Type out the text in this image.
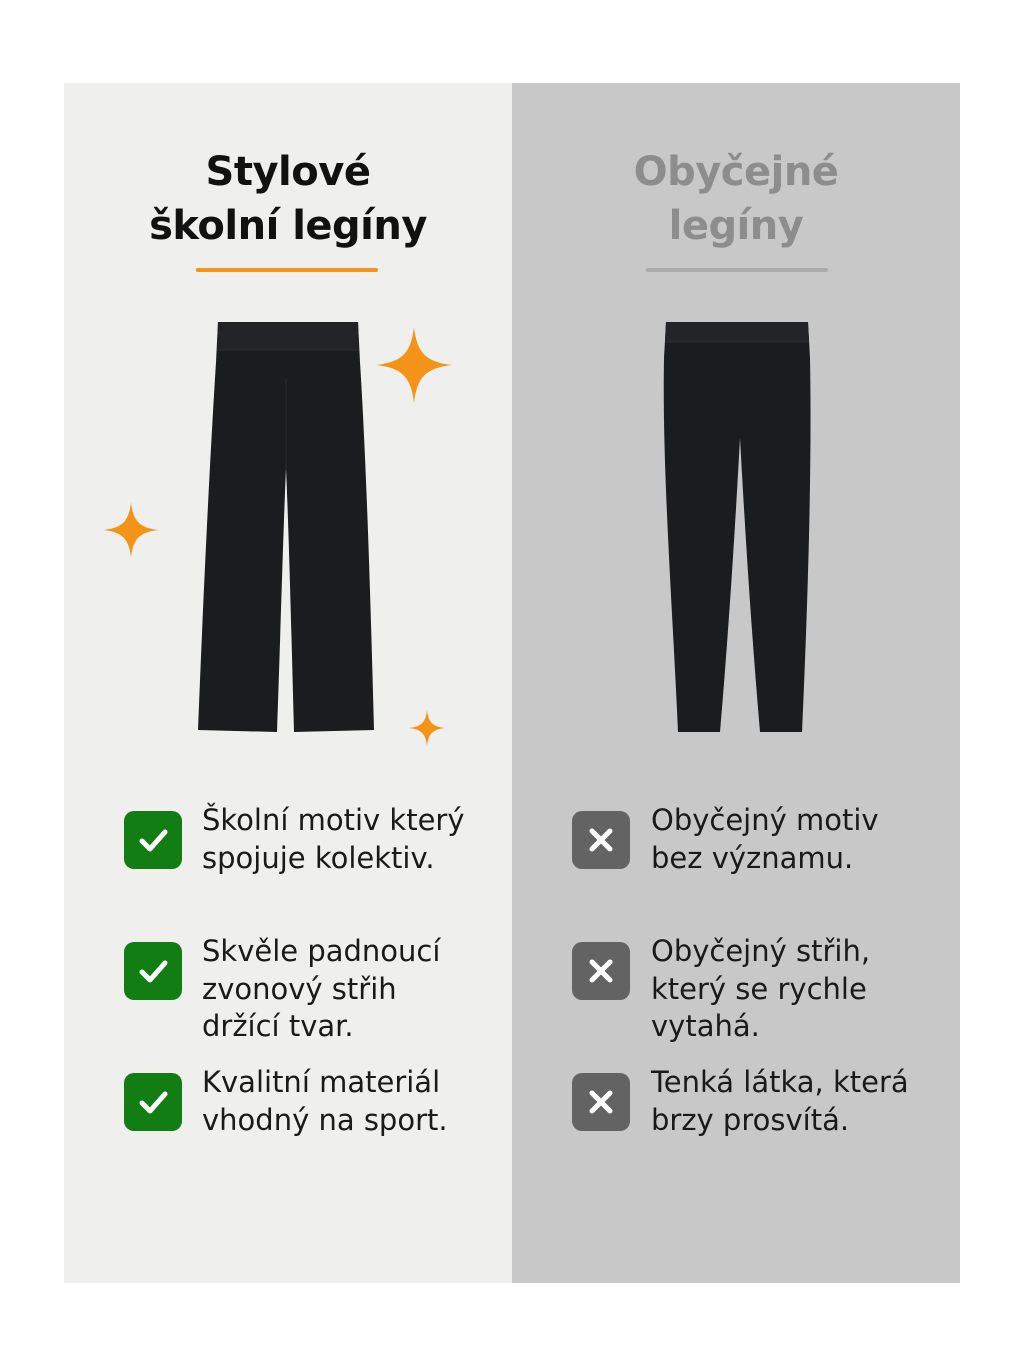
Stylové
školní legíny
Školní motiv který
spojuje kolektiv.
Skvěle padnoucí
zvonový střih
držící tvar.
Kvalitní materiál
vhodný na sport.
Obyčejné
legíny
Obyčejný motiv
bez významu.
Obyčejný střih,
který se rychle
vytahá.
Tenká látka, která
brzy prosvítá.
